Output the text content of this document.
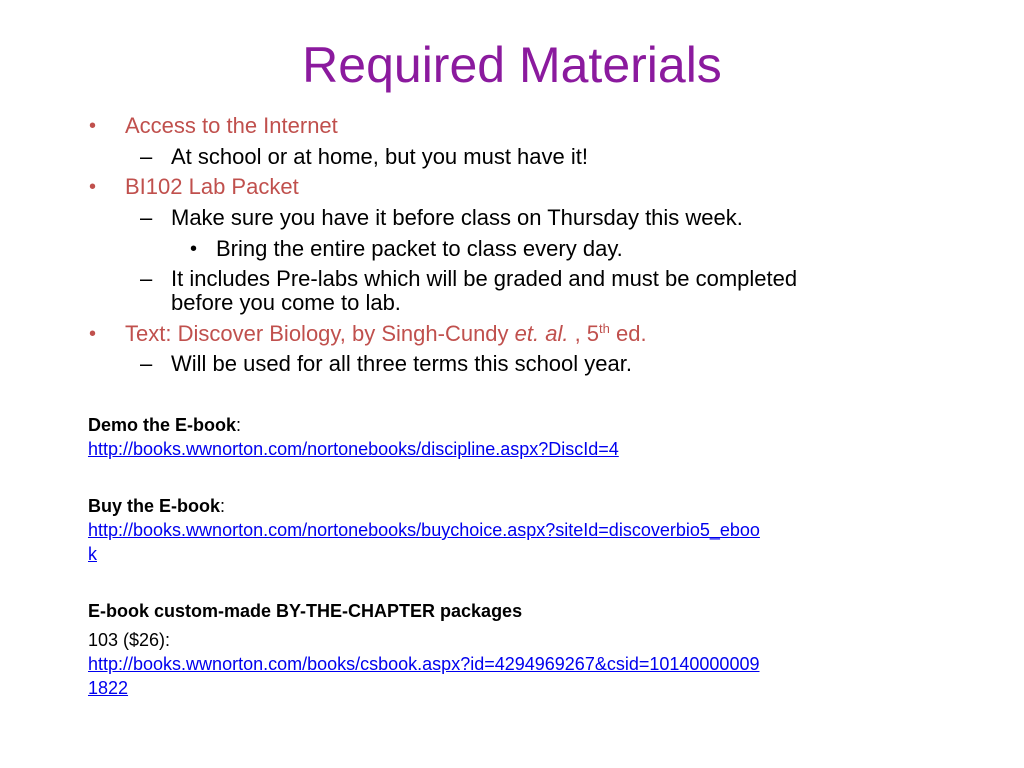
Required Materials
• Access to the Internet
– At school or at home, but you must have it!
• BI102 Lab Packet
– Make sure you have it before class on Thursday this week.
• Bring the entire packet to class every day.
– It includes Pre-labs which will be graded and must be completed
before you come to lab.
• Text: Discover Biology, by Singh-Cundy et. al. , 5th ed.
– Will be used for all three terms this school year.
Demo the E-book:
http://books.wwnorton.com/nortonebooks/discipline.aspx?DiscId=4
Buy the E-book:
http://books.wwnorton.com/nortonebooks/buychoice.aspx?siteId=discoverbio5_eboo
k
E-book custom-made BY-THE-CHAPTER packages
103 ($26):
http://books.wwnorton.com/books/csbook.aspx?id=4294969267&csid=10140000009
1822
